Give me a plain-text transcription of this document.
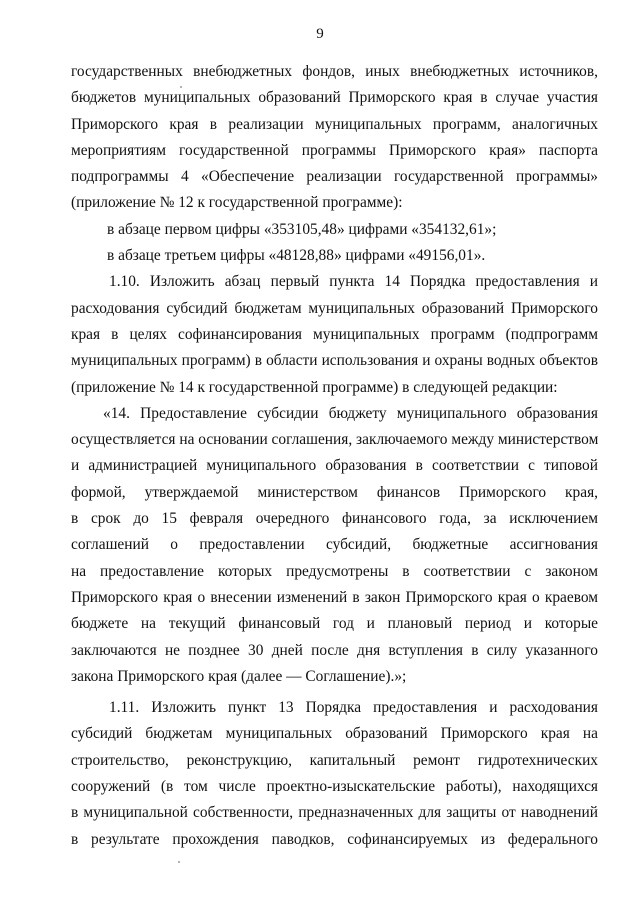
9
государственных внебюджетных фондов, иных внебюджетных источников,
бюджетов муниципальных образований Приморского края в случае участия
Приморского края в реализации муниципальных программ, аналогичных
мероприятиям государственной программы Приморского края» паспорта
подпрограммы 4 «Обеспечение реализации государственной программы»
(приложение № 12 к государственной программе):
в абзаце первом цифры «353105,48» цифрами «354132,61»;
в абзаце третьем цифры «48128,88» цифрами «49156,01».
1.10. Изложить абзац первый пункта 14 Порядка предоставления и
расходования субсидий бюджетам муниципальных образований Приморского
края в целях софинансирования муниципальных программ (подпрограмм
муниципальных программ) в области использования и охраны водных объектов
(приложение № 14 к государственной программе) в следующей редакции:
«14. Предоставление субсидии бюджету муниципального образования
осуществляется на основании соглашения, заключаемого между министерством
и администрацией муниципального образования в соответствии с типовой
формой, утверждаемой министерством финансов Приморского края,
в срок до 15 февраля очередного финансового года, за исключением
соглашений о предоставлении субсидий, бюджетные ассигнования
на предоставление которых предусмотрены в соответствии с законом
Приморского края о внесении изменений в закон Приморского края о краевом
бюджете на текущий финансовый год и плановый период и которые
заключаются не позднее 30 дней после дня вступления в силу указанного
закона Приморского края (далее — Соглашение).»;
1.11. Изложить пункт 13 Порядка предоставления и расходования
субсидий бюджетам муниципальных образований Приморского края на
строительство, реконструкцию, капитальный ремонт гидротехнических
сооружений (в том числе проектно-изыскательские работы), находящихся
в муниципальной собственности, предназначенных для защиты от наводнений
в результате прохождения паводков, софинансируемых из федерального
